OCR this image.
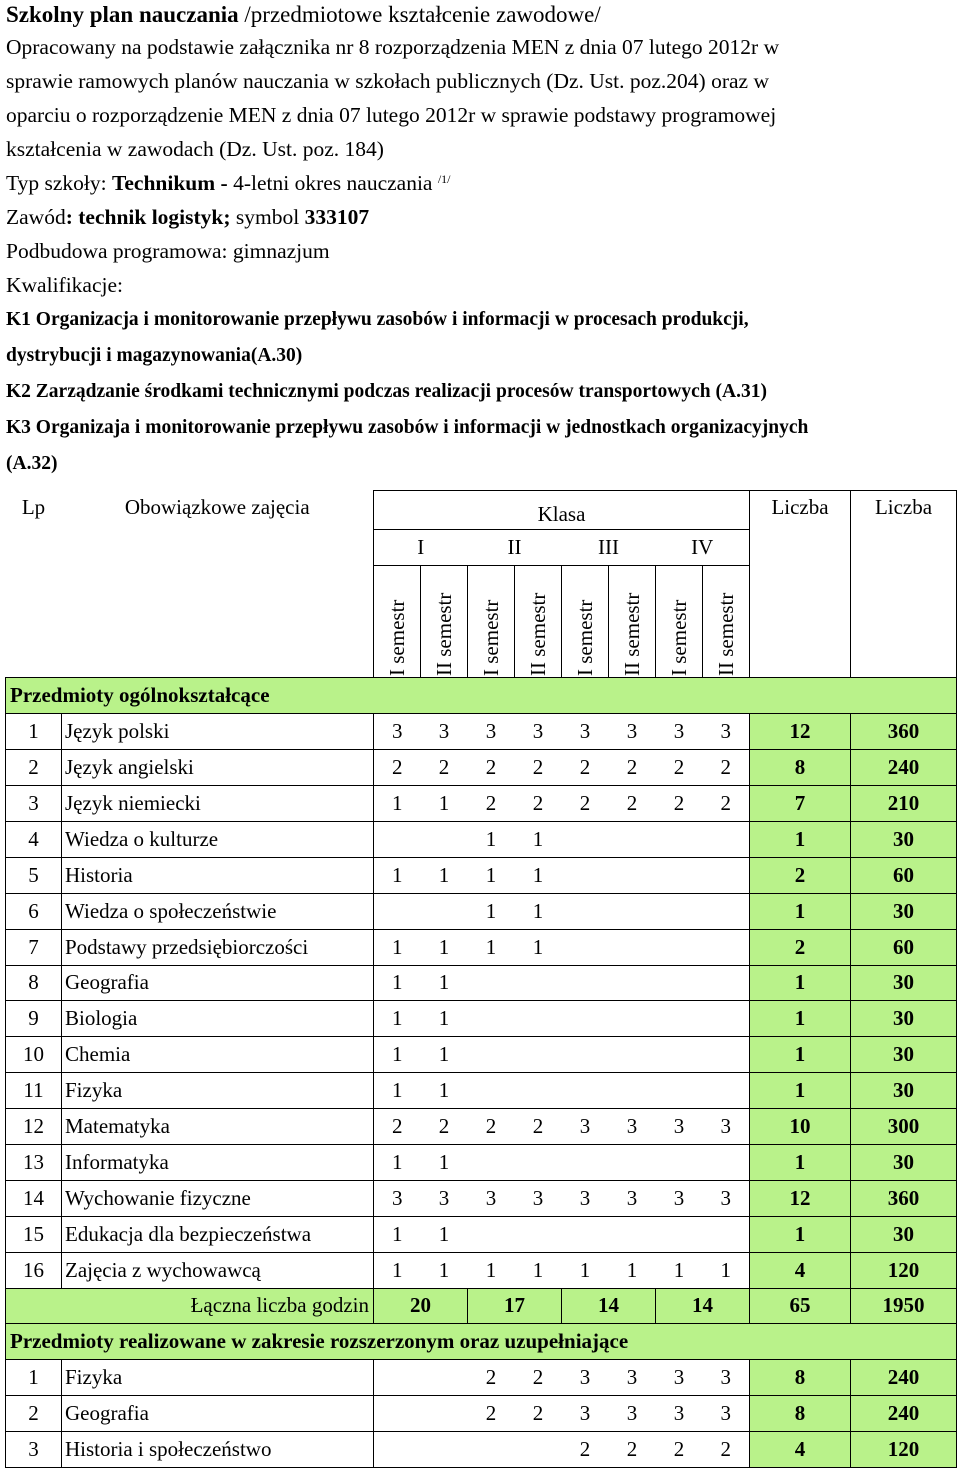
Szkolny plan nauczania /przedmiotowe kształcenie zawodowe/
Opracowany na podstawie załącznika nr 8 rozporządzenia MEN z dnia 07 lutego 2012r w
sprawie ramowych planów nauczania w szkołach publicznych (Dz. Ust. poz.204) oraz w
oparciu o rozporządzenie MEN z dnia 07 lutego 2012r w sprawie podstawy programowej
kształcenia w zawodach (Dz. Ust. poz. 184)
Typ szkoły: Technikum - 4-letni okres nauczania $^{/1/}$
Zawód: technik logistyk; symbol 333107
Podbudowa programowa: gimnazjum
Kwalifikacje:
K1 Organizacja i monitorowanie przepływu zasobów i informacji w procesach produkcji,
dystrybucji i magazynowania(A.30)
K2 Zarządzanie środkami technicznymi podczas realizacji procesów transportowych (A.31)
K3 Organizaja i monitorowanie przepływu zasobów i informacji w jednostkach organizacyjnych
(A.32)
Lp	Obowiązkowe zajęcia	Klasa								Liczba	Liczba
		I		II		III		IV			

		I semestr	II semestr	I semestr	II semestr	I semestr	II semestr	I semestr	II semestr		

Przedmioty ogólnokształcące											
1	Język polski	3	3	3	3	3	3	3	3	12	360
2	Język angielski	2	2	2	2	2	2	2	2	8	240
3	Język niemiecki	1	1	2	2	2	2	2	2	7	210
4	Wiedza o kulturze			1	1					1	30
5	Historia	1	1	1	1					2	60
6	Wiedza o społeczeństwie			1	1					1	30
7	Podstawy przedsiębiorczości	1	1	1	1					2	60
8	Geografia	1	1							1	30
9	Biologia	1	1							1	30
10	Chemia	1	1							1	30
11	Fizyka	1	1							1	30
12	Matematyka	2	2	2	2	3	3	3	3	10	300
13	Informatyka	1	1							1	30
14	Wychowanie fizyczne	3	3	3	3	3	3	3	3	12	360
15	Edukacja dla bezpieczeństwa	1	1							1	30
16	Zajęcia z wychowawcą	1	1	1	1	1	1	1	1	4	120
Łączna liczba godzin		20		17		14		14		65	1950
Przedmioty realizowane w zakresie rozszerzonym oraz uzupełniające											
1	Fizyka			2	2	3	3	3	3	8	240
2	Geografia			2	2	3	3	3	3	8	240
3	Historia i społeczeństwo					2	2	2	2	4	120
